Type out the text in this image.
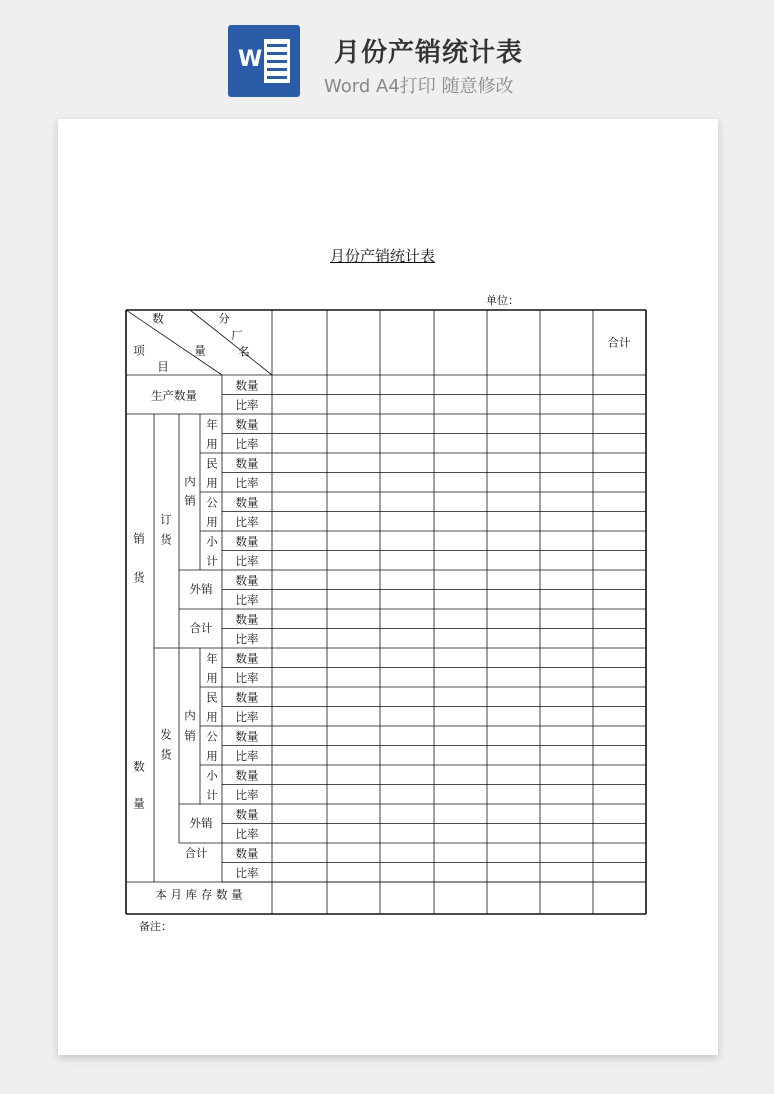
W	月份产销统计表
Word A4打印 随意修改
月份产销统计表
单位：
备注：
数
量
分
厂
名
项
目
合计
生产数量
数量
比率
数量
比率
数量
比率
数量
比率
数量
比率
数量
比率
数量
比率
数量
比率
数量
比率
数量
比率
数量
比率
数量
比率
数量
比率
销
货
数
量
订
货
发
货
内
销
内
销
年
用
民
用
公
用
小
计
年
用
民
用
公
用
小
计
外销
合计
外销
合计
本 月 库 存 数 量
